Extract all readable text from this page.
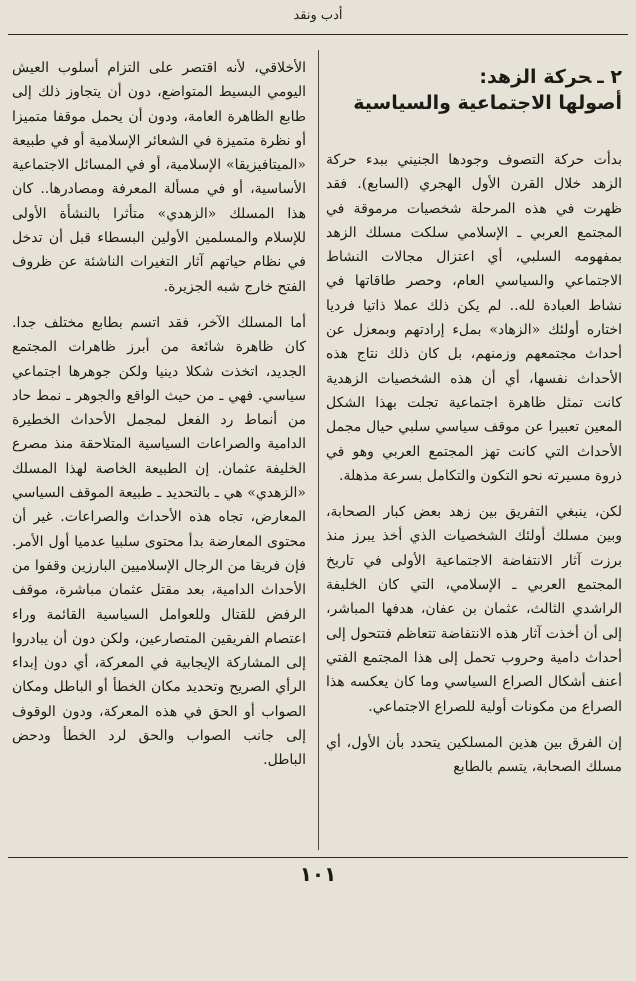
أدب ونقد
٢ ـحركة الزهد:
أصولها الاجتماعية والسياسية

بدأت حركة التصوف وجودها الجنيني ببدء حركة الزهد خلال القرن الأول الهجري (السابع). فقد ظهرت في هذه المرحلة شخصيات مرموقة في المجتمع العربي ـ الإسلامي سلكت مسلك الزهد بمفهومه السلبي، أي اعتزال مجالات النشاط الاجتماعي والسياسي العام، وحصر طاقاتها في نشاط العبادة لله.. لم يكن ذلك عملا ذاتيا فرديا اختاره أولئك «الزهاد» بملء إرادتهم وبمعزل عن أحداث مجتمعهم وزمنهم، بل كان ذلك نتاج هذه الأحداث نفسها، أي أن هذه الشخصيات الزهدية كانت تمثل ظاهرة اجتماعية تجلت بهذا الشكل المعين تعبيرا عن موقف سياسي سلبي حيال مجمل الأحداث التي كانت تهز المجتمع العربي وهو في ذروة مسيرته نحو التكون والتكامل بسرعة مذهلة.

لكن، ينبغي التفريق بين زهد بعض كبار الصحابة، وبين مسلك أولئك الشخصيات الذي أخذ يبرز منذ برزت آثار الانتفاضة الاجتماعية الأولى في تاريخ المجتمع العربي ـ الإسلامي، التي كان الخليفة الراشدي الثالث، عثمان بن عفان، هدفها المباشر، إلى أن أخذت آثار هذه الانتفاضة تتعاظم فتتحول إلى أحداث دامية وحروب تحمل إلى هذا المجتمع الفتي أعنف أشكال الصراع السياسي وما كان يعكسه هذا الصراع من مكونات أولية للصراع الاجتماعي.

إن الفرق بين هذين المسلكين يتحدد بأن الأول، أي مسلك الصحابة، يتسم بالطابع

الأخلاقي، لأنه اقتصر على التزام أسلوب العيش اليومي البسيط المتواضع، دون أن يتجاوز ذلك إلى طابع الظاهرة العامة، ودون أن يحمل موقفا متميزا أو نظرة متميزة في الشعائر الإسلامية أو في طبيعة «الميتافيزيقا» الإسلامية، أو في المسائل الاجتماعية الأساسية، أو في مسألة المعرفة ومصادرها.. كان هذا المسلك «الزهدي» متأثرا بالنشأة الأولى للإسلام والمسلمين الأولين البسطاء قبل أن تدخل في نظام حياتهم آثار التغيرات الناشئة عن ظروف الفتح خارج شبه الجزيرة.

أما المسلك الآخر، فقد اتسم بطابع مختلف جدا. كان ظاهرة شائعة من أبرز ظاهرات المجتمع الجديد، اتخذت شكلا دينيا ولكن جوهرها اجتماعي سياسي. فهي ـ من حيث الواقع والجوهر ـ نمط حاد من أنماط رد الفعل لمجمل الأحداث الخطيرة الدامية والصراعات السياسية المتلاحقة منذ مصرع الخليفة عثمان. إن الطبيعة الخاصة لهذا المسلك «الزهدي» هي ـ بالتحديد ـ طبيعة الموقف السياسي المعارض، تجاه هذه الأحداث والصراعات. غير أن محتوى المعارضة بدأ محتوى سلبيا عدميا أول الأمر. فإن فريقا من الرجال الإسلاميين البارزين وقفوا من الأحداث الدامية، بعد مقتل عثمان مباشرة، موقف الرفض للقتال وللعوامل السياسية القائمة وراء اعتصام الفريقين المتصارعين، ولكن دون أن يبادروا إلى المشاركة الإيجابية في المعركة، أي دون إبداء الرأي الصريح وتحديد مكان الخطأ أو الباطل ومكان الصواب أو الحق في هذه المعركة، ودون الوقوف إلى جانب الصواب والحق لرد الخطأ ودحض الباطل.

١٠١
